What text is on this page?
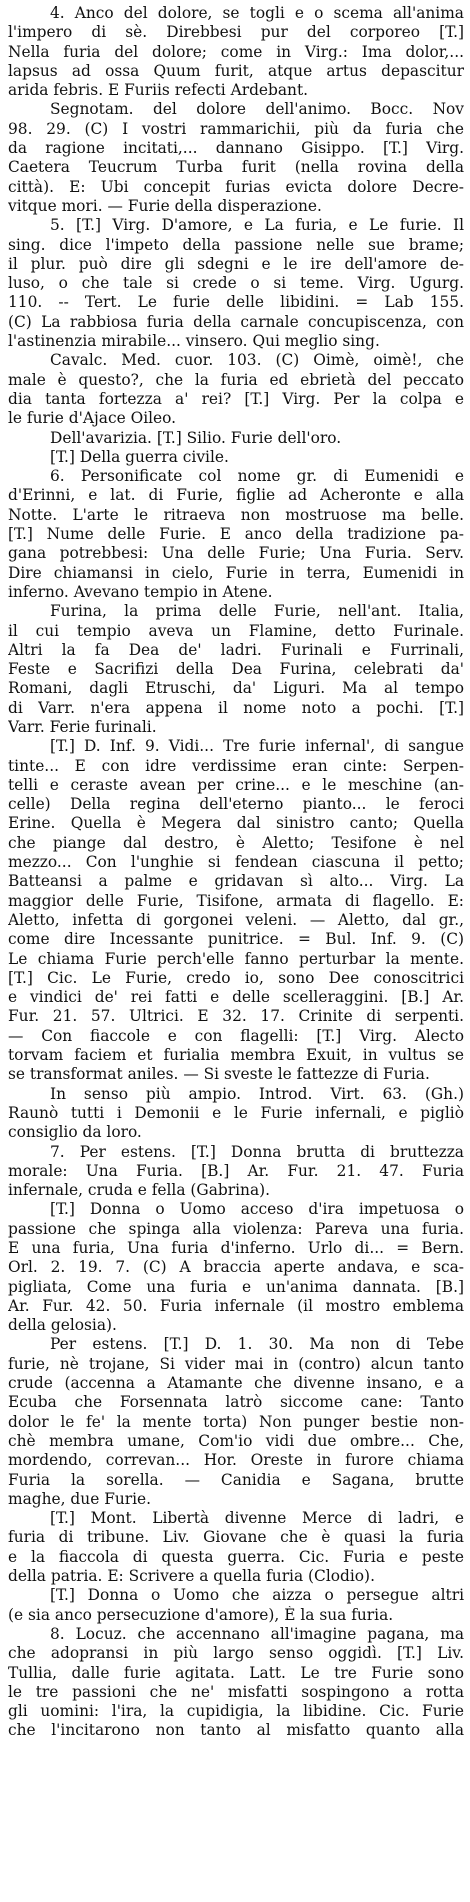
4. Anco del dolore, se togli e o scema all'anima
l'impero di sè. Direbbesi pur del corporeo [T.]
Nella furia del dolore; come in Virg.: Ima dolor,...
lapsus ad ossa Quum furit, atque artus depascitur
arida febris. E Furiis refecti Ardebant.
Segnotam. del dolore dell'animo. Bocc. Nov
98. 29. (C) I vostri rammarichii, più da furia che
da ragione incitati,... dannano Gisippo. [T.] Virg.
Caetera Teucrum Turba furit (nella rovina della
città). E: Ubi concepit furias evicta dolore Decre-
vitque mori. — Furie della disperazione.
5. [T.] Virg. D'amore, e La furia, e Le furie. Il
sing. dice l'impeto della passione nelle sue brame;
il plur. può dire gli sdegni e le ire dell'amore de-
luso, o che tale si crede o si teme. Virg. Ugurg.
110. -- Tert. Le furie delle libidini. = Lab 155.
(C) La rabbiosa furia della carnale concupiscenza, con
l'astinenzia mirabile... vinsero. Qui meglio sing.
Cavalc. Med. cuor. 103. (C) Oimè, oimè!, che
male è questo?, che la furia ed ebrietà del peccato
dia tanta fortezza a' rei? [T.] Virg. Per la colpa e
le furie d'Ajace Oileo.
Dell'avarizia. [T.] Silio. Furie dell'oro.
[T.] Della guerra civile.
6. Personificate col nome gr. di Eumenidi e
d'Erinni, e lat. di Furie, figlie ad Acheronte e alla
Notte. L'arte le ritraeva non mostruose ma belle.
[T.] Nume delle Furie. E anco della tradizione pa-
gana potrebbesi: Una delle Furie; Una Furia. Serv.
Dire chiamansi in cielo, Furie in terra, Eumenidi in
inferno. Avevano tempio in Atene.
Furina, la prima delle Furie, nell'ant. Italia,
il cui tempio aveva un Flamine, detto Furinale.
Altri la fa Dea de' ladri. Furinali e Furrinali,
Feste e Sacrifizi della Dea Furina, celebrati da'
Romani, dagli Etruschi, da' Liguri. Ma al tempo
di Varr. n'era appena il nome noto a pochi. [T.]
Varr. Ferie furinali.
[T.] D. Inf. 9. Vidi... Tre furie infernal', di sangue
tinte... E con idre verdissime eran cinte: Serpen-
telli e ceraste avean per crine... e le meschine (an-
celle) Della regina dell'eterno pianto... le feroci
Erine. Quella è Megera dal sinistro canto; Quella
che piange dal destro, è Aletto; Tesifone è nel
mezzo... Con l'unghie si fendean ciascuna il petto;
Batteansi a palme e gridavan sì alto... Virg. La
maggior delle Furie, Tisifone, armata di flagello. E:
Aletto, infetta di gorgonei veleni. — Aletto, dal gr.,
come dire Incessante punitrice. = Bul. Inf. 9. (C)
Le chiama Furie perch'elle fanno perturbar la mente.
[T.] Cic. Le Furie, credo io, sono Dee conoscitrici
e vindici de' rei fatti e delle scelleraggini. [B.] Ar.
Fur. 21. 57. Ultrici. E 32. 17. Crinite di serpenti.
— Con fiaccole e con flagelli: [T.] Virg. Alecto
torvam faciem et furialia membra Exuit, in vultus se
se transformat aniles. — Si sveste le fattezze di Furia.
In senso più ampio. Introd. Virt. 63. (Gh.)
Raunò tutti i Demonii e le Furie infernali, e pigliò
consiglio da loro.
7. Per estens. [T.] Donna brutta di bruttezza
morale: Una Furia. [B.] Ar. Fur. 21. 47. Furia
infernale, cruda e fella (Gabrina).
[T.] Donna o Uomo acceso d'ira impetuosa o
passione che spinga alla violenza: Pareva una furia.
E una furia, Una furia d'inferno. Urlo di... = Bern.
Orl. 2. 19. 7. (C) A braccia aperte andava, e sca-
pigliata, Come una furia e un'anima dannata. [B.]
Ar. Fur. 42. 50. Furia infernale (il mostro emblema
della gelosia).
Per estens. [T.] D. 1. 30. Ma non di Tebe
furie, nè trojane, Si vider mai in (contro) alcun tanto
crude (accenna a Atamante che divenne insano, e a
Ecuba che Forsennata latrò siccome cane: Tanto
dolor le fe' la mente torta) Non punger bestie non-
chè membra umane, Com'io vidi due ombre... Che,
mordendo, correvan... Hor. Oreste in furore chiama
Furia la sorella. — Canidia e Sagana, brutte
maghe, due Furie.
[T.] Mont. Libertà divenne Merce di ladri, e
furia di tribune. Liv. Giovane che è quasi la furia
e la fiaccola di questa guerra. Cic. Furia e peste
della patria. E: Scrivere a quella furia (Clodio).
[T.] Donna o Uomo che aizza o persegue altri
(e sia anco persecuzione d'amore), È la sua furia.
8. Locuz. che accennano all'imagine pagana, ma
che adopransi in più largo senso oggidì. [T.] Liv.
Tullia, dalle furie agitata. Latt. Le tre Furie sono
le tre passioni che ne' misfatti sospingono a rotta
gli uomini: l'ira, la cupidigia, la libidine. Cic. Furie
che l'incitarono non tanto al misfatto quanto alla
